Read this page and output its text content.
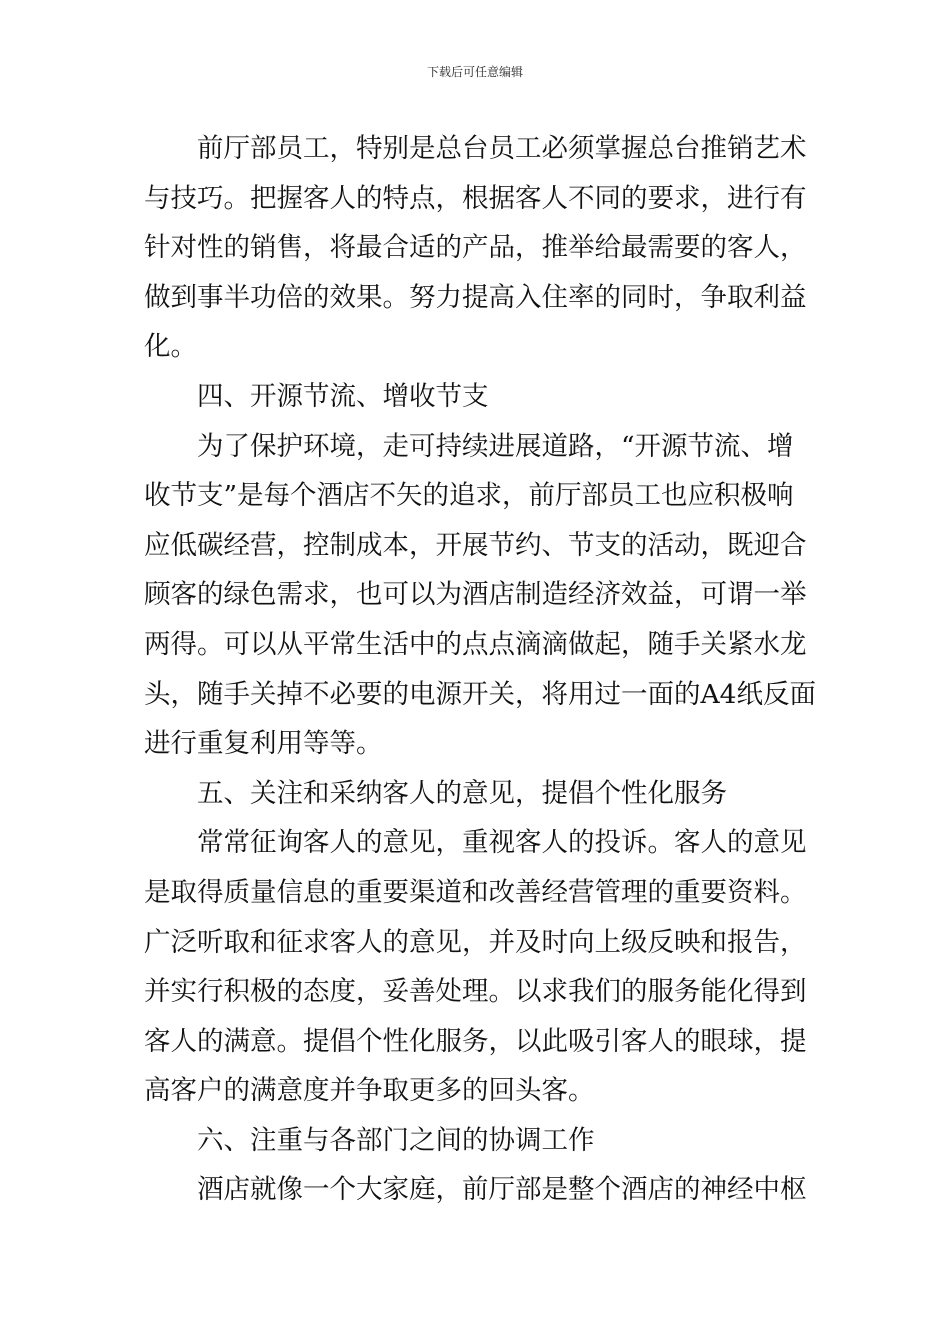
下载后可任意编辑
前厅部员工，特别是总台员工必须掌握总台推销艺术
与技巧。把握客人的特点，根据客人不同的要求，进行有
针对性的销售，将最合适的产品，推举给最需要的客人，
做到事半功倍的效果。努力提高入住率的同时，争取利益
化。
四、开源节流、增收节支
为了保护环境，走可持续进展道路，“开源节流、增
收节支”是每个酒店不矢的追求，前厅部员工也应积极响
应低碳经营，控制成本，开展节约、节支的活动，既迎合
顾客的绿色需求，也可以为酒店制造经济效益，可谓一举
两得。可以从平常生活中的点点滴滴做起，随手关紧水龙
头，随手关掉不必要的电源开关，将用过一面的A4纸反面
进行重复利用等等。
五、关注和采纳客人的意见，提倡个性化服务
常常征询客人的意见，重视客人的投诉。客人的意见
是取得质量信息的重要渠道和改善经营管理的重要资料。
广泛听取和征求客人的意见，并及时向上级反映和报告，
并实行积极的态度，妥善处理。以求我们的服务能化得到
客人的满意。提倡个性化服务，以此吸引客人的眼球，提
高客户的满意度并争取更多的回头客。
六、注重与各部门之间的协调工作
酒店就像一个大家庭，前厅部是整个酒店的神经中枢
